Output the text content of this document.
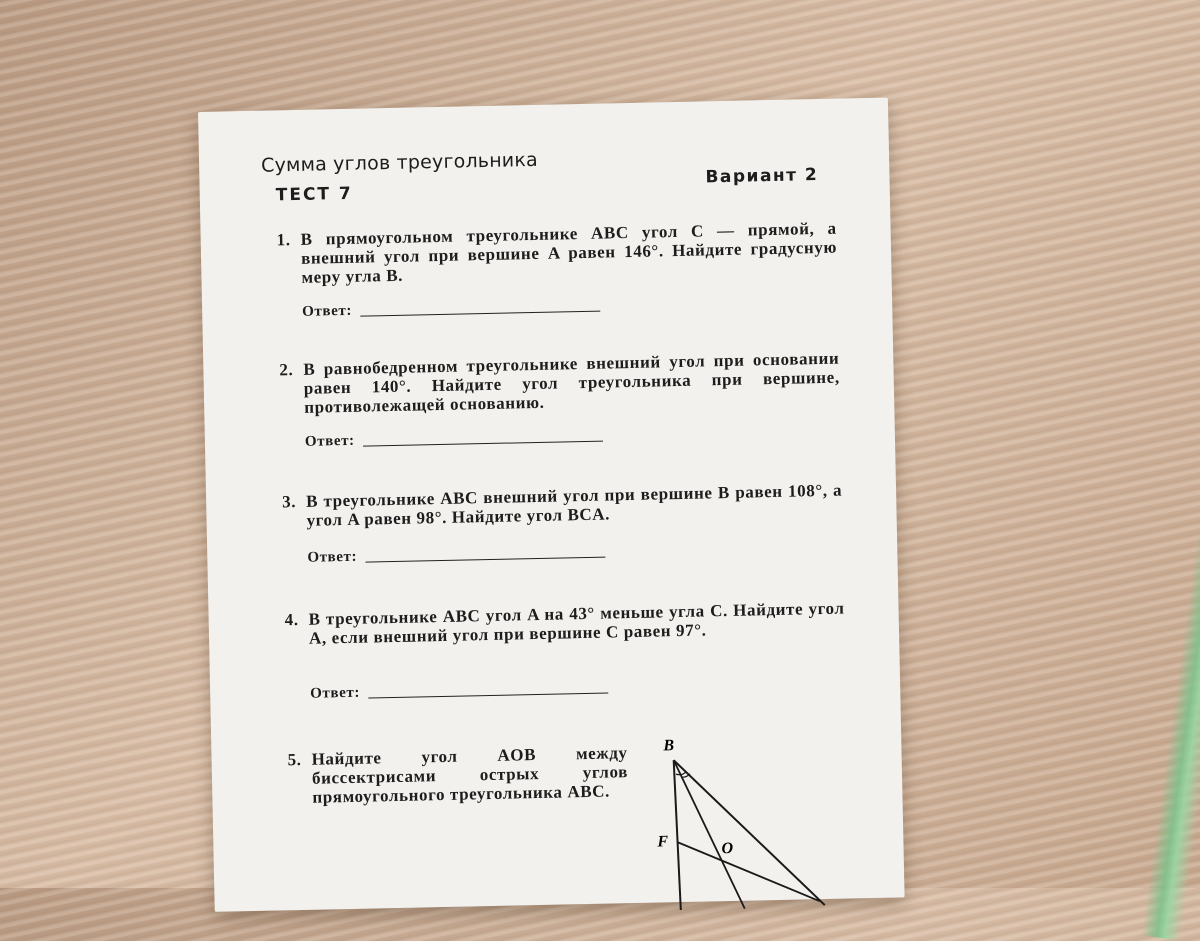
Сумма углов треугольника
ТЕСТ 7
Вариант 2
1. В прямоугольном треугольнике ABC угол C — прямой, а внешний угол при вершине A равен 146°. Найдите градусную меру угла B.
Ответ:
2. В равнобедренном треугольнике внешний угол при основании равен 140°. Найдите угол треугольника при вершине, противолежащей основанию.
Ответ:
3. В треугольнике ABC внешний угол при вершине B равен 108°, а угол A равен 98°. Найдите угол BCA.
Ответ:
4. В треугольнике ABC угол A на 43° меньше угла C. Найдите угол A, если внешний угол при вершине C равен 97°.
Ответ:
5. Найдите угол AOB между биссектрисами острых углов прямоугольного треугольника ABC.
B
F	O
